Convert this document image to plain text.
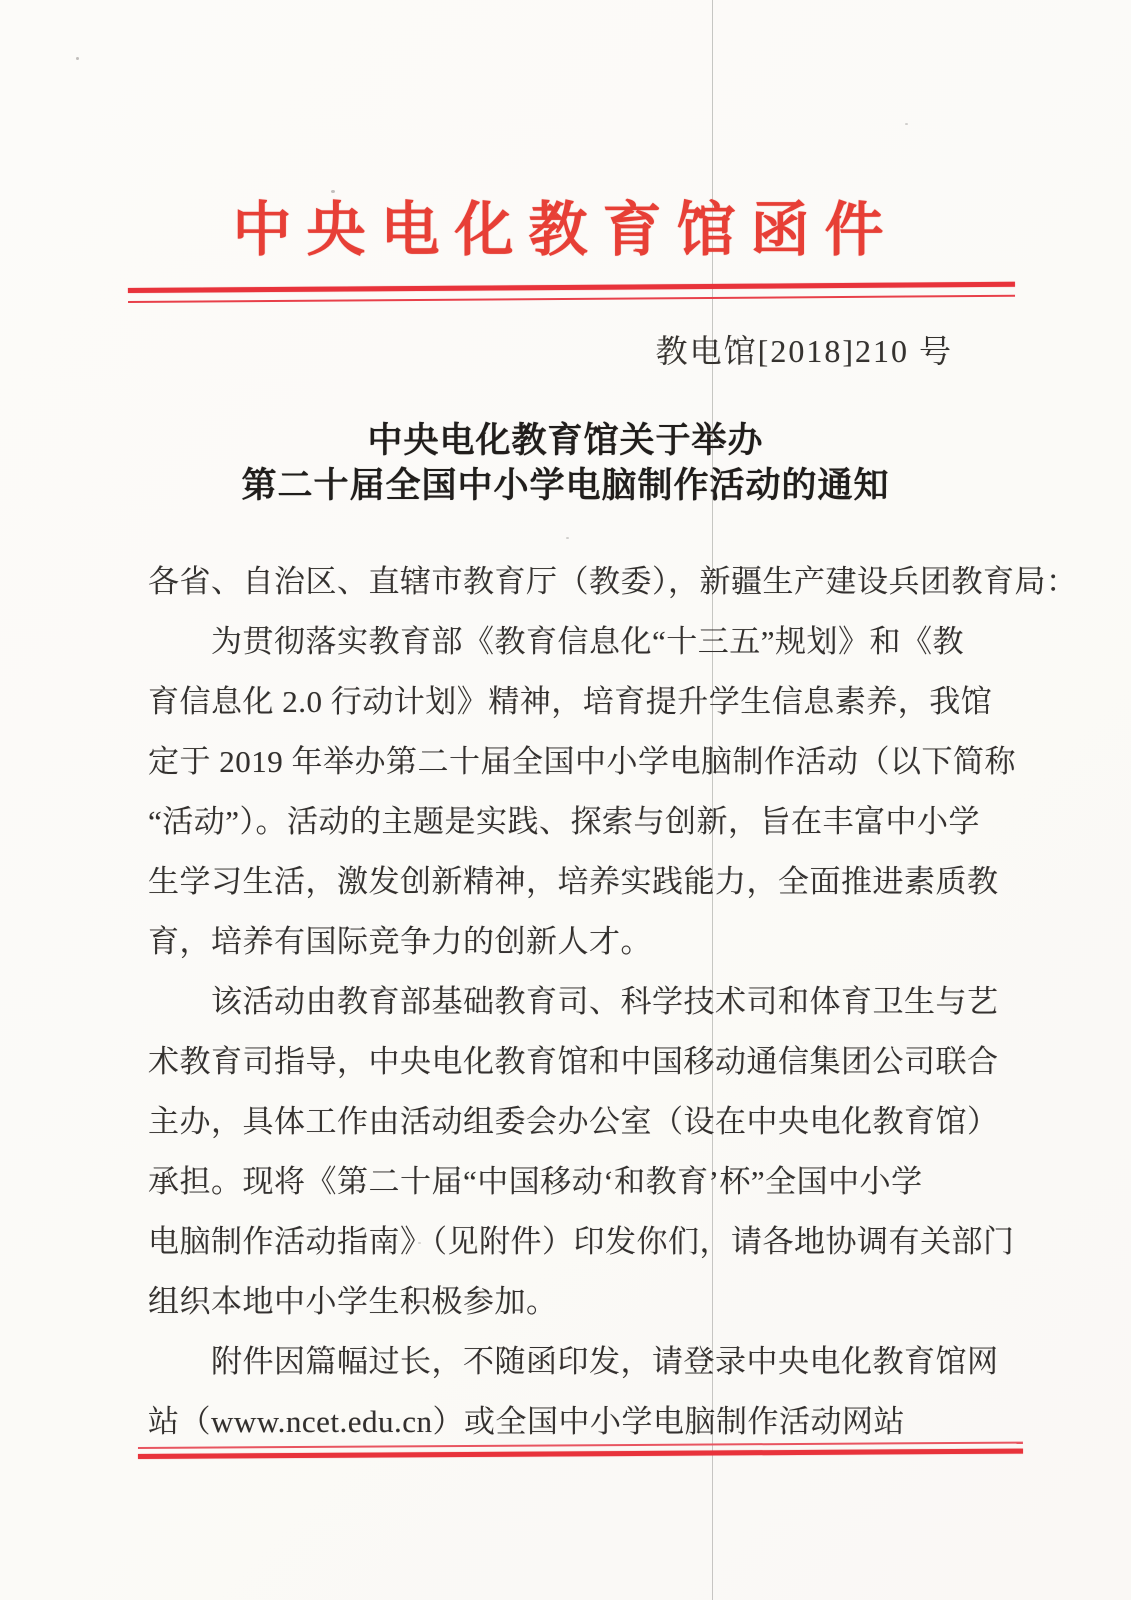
中央电化教育馆函件
教电馆[2018]210 号
中央电化教育馆关于举办
第二十届全国中小学电脑制作活动的通知
各省、自治区、直辖市教育厅（教委），新疆生产建设兵团教育局：
　　为贯彻落实教育部《教育信息化“十三五”规划》和《教
育信息化 2.0 行动计划》精神，培育提升学生信息素养，我馆
定于 2019 年举办第二十届全国中小学电脑制作活动（以下简称
“活动”）。活动的主题是实践、探索与创新，旨在丰富中小学
生学习生活，激发创新精神，培养实践能力，全面推进素质教
育，培养有国际竞争力的创新人才。
　　该活动由教育部基础教育司、科学技术司和体育卫生与艺
术教育司指导，中央电化教育馆和中国移动通信集团公司联合
主办，具体工作由活动组委会办公室（设在中央电化教育馆）
承担。现将《第二十届“中国移动‘和教育’杯”全国中小学
电脑制作活动指南》（见附件）印发你们，请各地协调有关部门
组织本地中小学生积极参加。
　　附件因篇幅过长，不随函印发，请登录中央电化教育馆网
站（www.ncet.edu.cn）或全国中小学电脑制作活动网站
